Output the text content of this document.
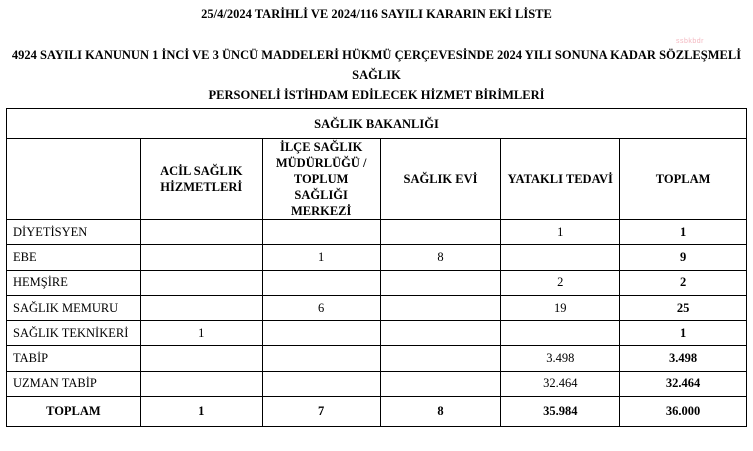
25/4/2024 TARİHLİ VE 2024/116 SAYILI KARARIN EKİ LİSTE
4924 SAYILI KANUNUN 1 İNCİ VE 3 ÜNCÜ MADDELERİ HÜKMÜ ÇERÇEVESİNDE 2024 YILI SONUNA KADAR SÖZLEŞMELİ SAĞLIK
PERSONELİ İSTİHDAM EDİLECEK HİZMET BİRİMLERİ
ssbkbdr
SAĞLIK BAKANLIĞI					
	ACİL SAĞLIK HİZMETLERİ	İLÇE SAĞLIK MÜDÜRLÜĞÜ / TOPLUM SAĞLIĞI MERKEZİ	SAĞLIK EVİ	YATAKLI TEDAVİ	TOPLAM
DİYETİSYEN				1	1
EBE		1	8		9
HEMŞİRE				2	2
SAĞLIK MEMURU		6		19	25
SAĞLIK TEKNİKERİ	1				1
TABİP				3.498	3.498
UZMAN TABİP				32.464	32.464
TOPLAM	1	7	8	35.984	36.000
